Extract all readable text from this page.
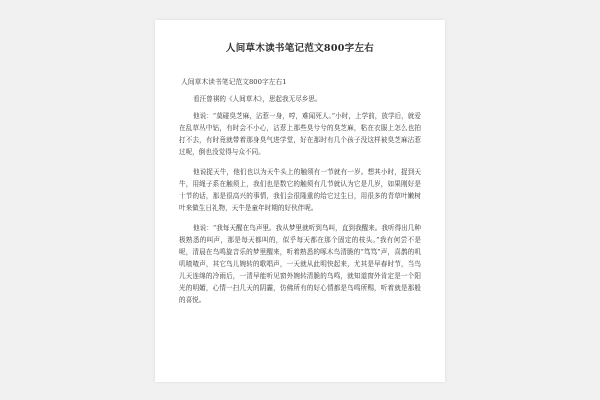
人间草木读书笔记范文800字左右
人间草木读书笔记范文800字左右1

看汪曾祺的《人间草木》，思起我无尽乡思。

他说：“莫碰臭芝麻，沾惹一身，哼，难闻死人。”小时，上学前，放学后，就爱在乱草丛中钻，有时会不小心，沾惹上那些臭兮兮的臭芝麻，粘在衣服上怎么也拍打不去，有时竟就带着那身臭气进学堂，好在那时有几个孩子没这样被臭芝麻沾惹过呢，倒也没觉得与众不同。

他说捉天牛，他们也以为天牛头上的触须有一节就有一岁。想其小时，捉到天牛，用绳子系在触须上，我们也是数它的触须有几节就认为它是几岁，如果刚好是十节的话，那是很高兴的事情，我们会很隆重的给它过生日，用很多的青草叶嫩树叶来做生日礼物，天牛是童年时期的好伙伴呢。

他说：“我每天醒在鸟声里。我从梦里就听到鸟叫，直到我醒来。我听得出几种极熟悉的叫声，那是每天都叫的，似乎每天都在那个固定的枝头。”我有何尝不是呢，清晨在鸟鸣旋音乐的梦里醒来，听着熟悉的啄木鸟清脆的“笃笃”声，喜鹊的叽叽喳喳声，其它鸟儿婉转的歌唱声，一天就从此明快起来，尤其是早春时节，当鸟儿天连绵的冷雨后，一清早能听见窗外婉转清脆的鸟鸣，就知道窗外肯定是一个阳光的明媚，心情一扫几天的阴霾，仿佛所有的好心情都是鸟鸣所赐，听着就是那般的喜悦。
